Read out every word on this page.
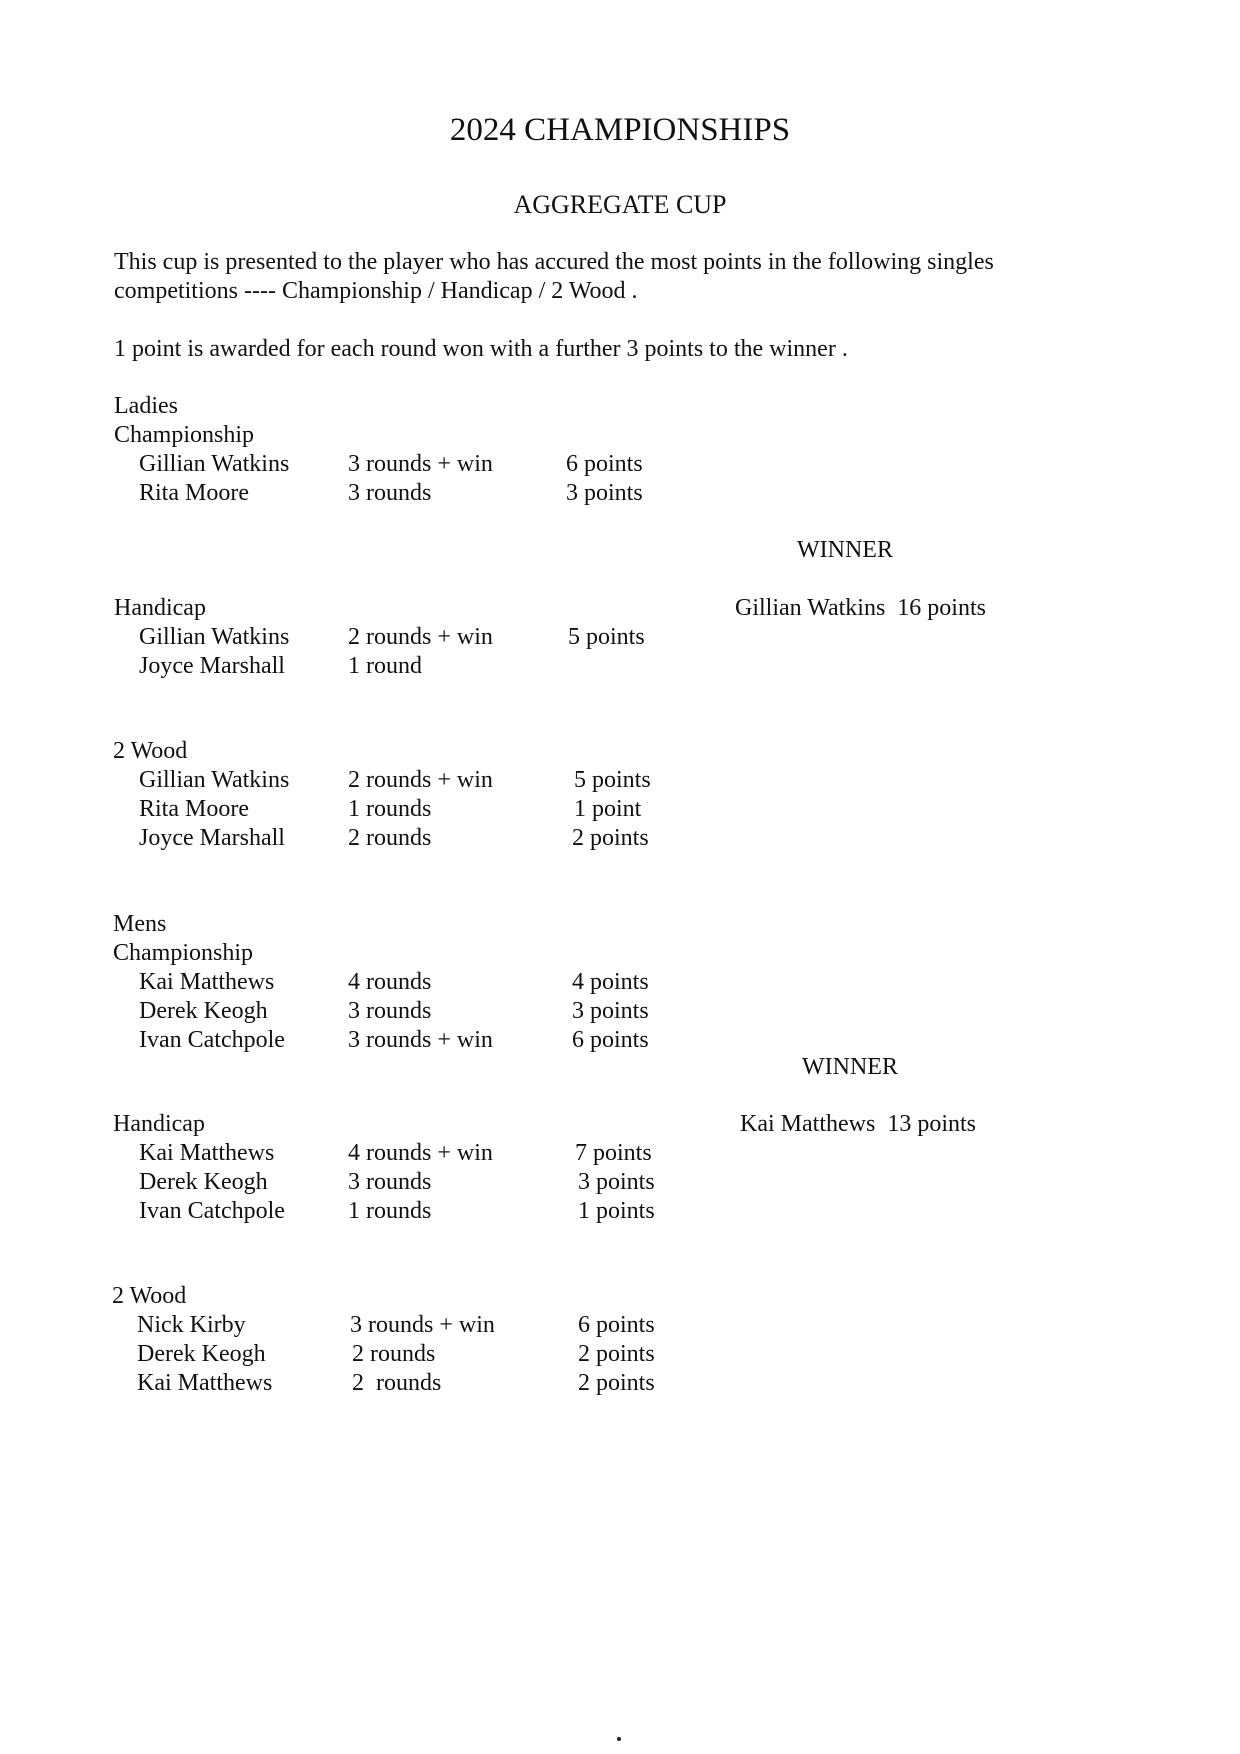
2024 CHAMPIONSHIPS
AGGREGATE CUP
This cup is presented to the player who has accured the most points in the following singles
competitions ---- Championship / Handicap / 2 Wood .
1 point is awarded for each round won with a further 3 points to the winner .
Ladies
Championship
Gillian Watkins 3 rounds + win	6 points
Rita Moore	3 rounds	3 points
WINNER
Gillian Watkins 16 points
Handicap
Gillian Watkins 2 rounds + win	5 points
Joyce Marshall	1 round
2 Wood
Gillian Watkins 2 rounds + win	5 points
Rita Moore	1 rounds	1 point
Joyce Marshall	2 rounds	2 points
Mens
Championship
Kai Matthews	4 rounds	4 points
Derek Keogh	3 rounds	3 points
Ivan Catchpole	3 rounds + win	6 points
WINNER
Kai Matthews 13 points
Handicap
Kai Matthews	4 rounds + win	7 points
Derek Keogh	3 rounds	3 points
Ivan Catchpole	1 rounds	1 points
2 Wood
Nick Kirby	3 rounds + win	6 points
Derek Keogh	2 rounds	2 points
Kai Matthews	2  rounds	2 points
